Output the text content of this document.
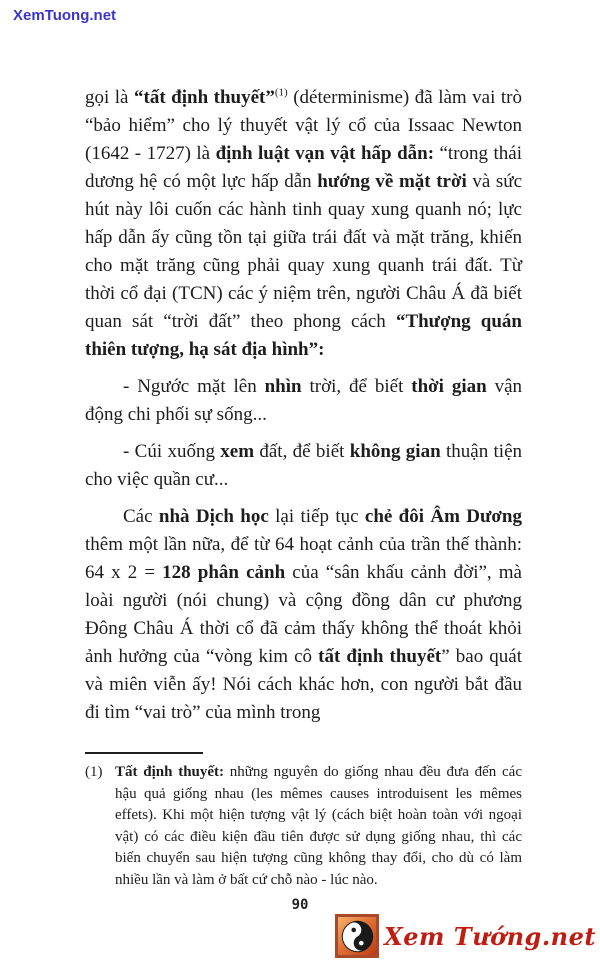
XemTuong.net

gọi là “tất định thuyết”$^{(1)}$ (déterminisme) đã làm vai trò “bảo hiểm” cho lý thuyết vật lý cổ của Issaac Newton (1642 - 1727) là định luật vạn vật hấp dẫn: “trong thái dương hệ có một lực hấp dẫn hướng về mặt trời và sức hút này lôi cuốn các hành tinh quay xung quanh nó; lực hấp dẫn ấy cũng tồn tại giữa trái đất và mặt trăng, khiến cho mặt trăng cũng phải quay xung quanh trái đất. Từ thời cổ đại (TCN) các ý niệm trên, người Châu Á đã biết quan sát “trời đất” theo phong cách “Thượng quán thiên tượng, hạ sát địa hình”:

- Ngước mặt lên nhìn trời, để biết thời gian vận động chi phối sự sống...

- Cúi xuống xem đất, để biết không gian thuận tiện cho việc quần cư...

Các nhà Dịch học lại tiếp tục chẻ đôi Âm Dương thêm một lần nữa, để từ 64 hoạt cảnh của trần thế thành: 64 x 2 = 128 phân cảnh của “sân khấu cảnh đời”, mà loài người (nói chung) và cộng đồng dân cư phương Đông Châu Á thời cổ đã cảm thấy không thể thoát khỏi ảnh hưởng của “vòng kim cô tất định thuyết” bao quát và miên viễn ấy! Nói cách khác hơn, con người bắt đầu đi tìm “vai trò” của mình trong

(1) Tất định thuyết: những nguyên do giống nhau đều đưa đến các hậu quả giống nhau (les mêmes causes introduisent les mêmes effets). Khi một hiện tượng vật lý (cách biệt hoàn toàn với ngoại vật) có các điều kiện đầu tiên được sử dụng giống nhau, thì các biến chuyển sau hiện tượng cũng không thay đổi, cho dù có làm nhiều lần và làm ở bất cứ chỗ nào - lúc nào.

90
Xem Tướng.net
